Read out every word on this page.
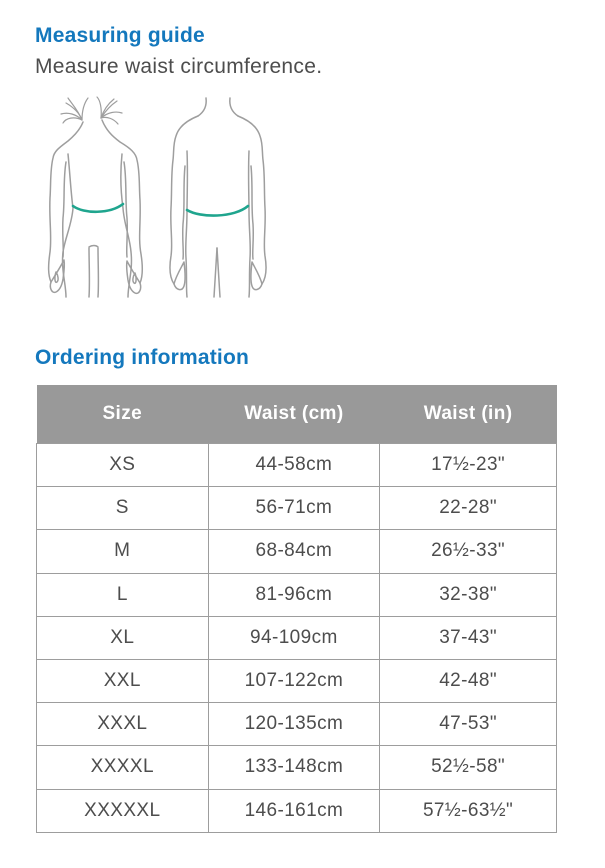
Measuring guide

Measure waist circumference.

Ordering information
Size	Waist (cm)	Waist (in)
XS	44-58cm	17½-23"
S	56-71cm	22-28"
M	68-84cm	26½-33"
L	81-96cm	32-38"
XL	94-109cm	37-43"
XXL	107-122cm	42-48"
XXXL	120-135cm	47-53"
XXXXL	133-148cm	52½-58"
XXXXXL	146-161cm	57½-63½"
